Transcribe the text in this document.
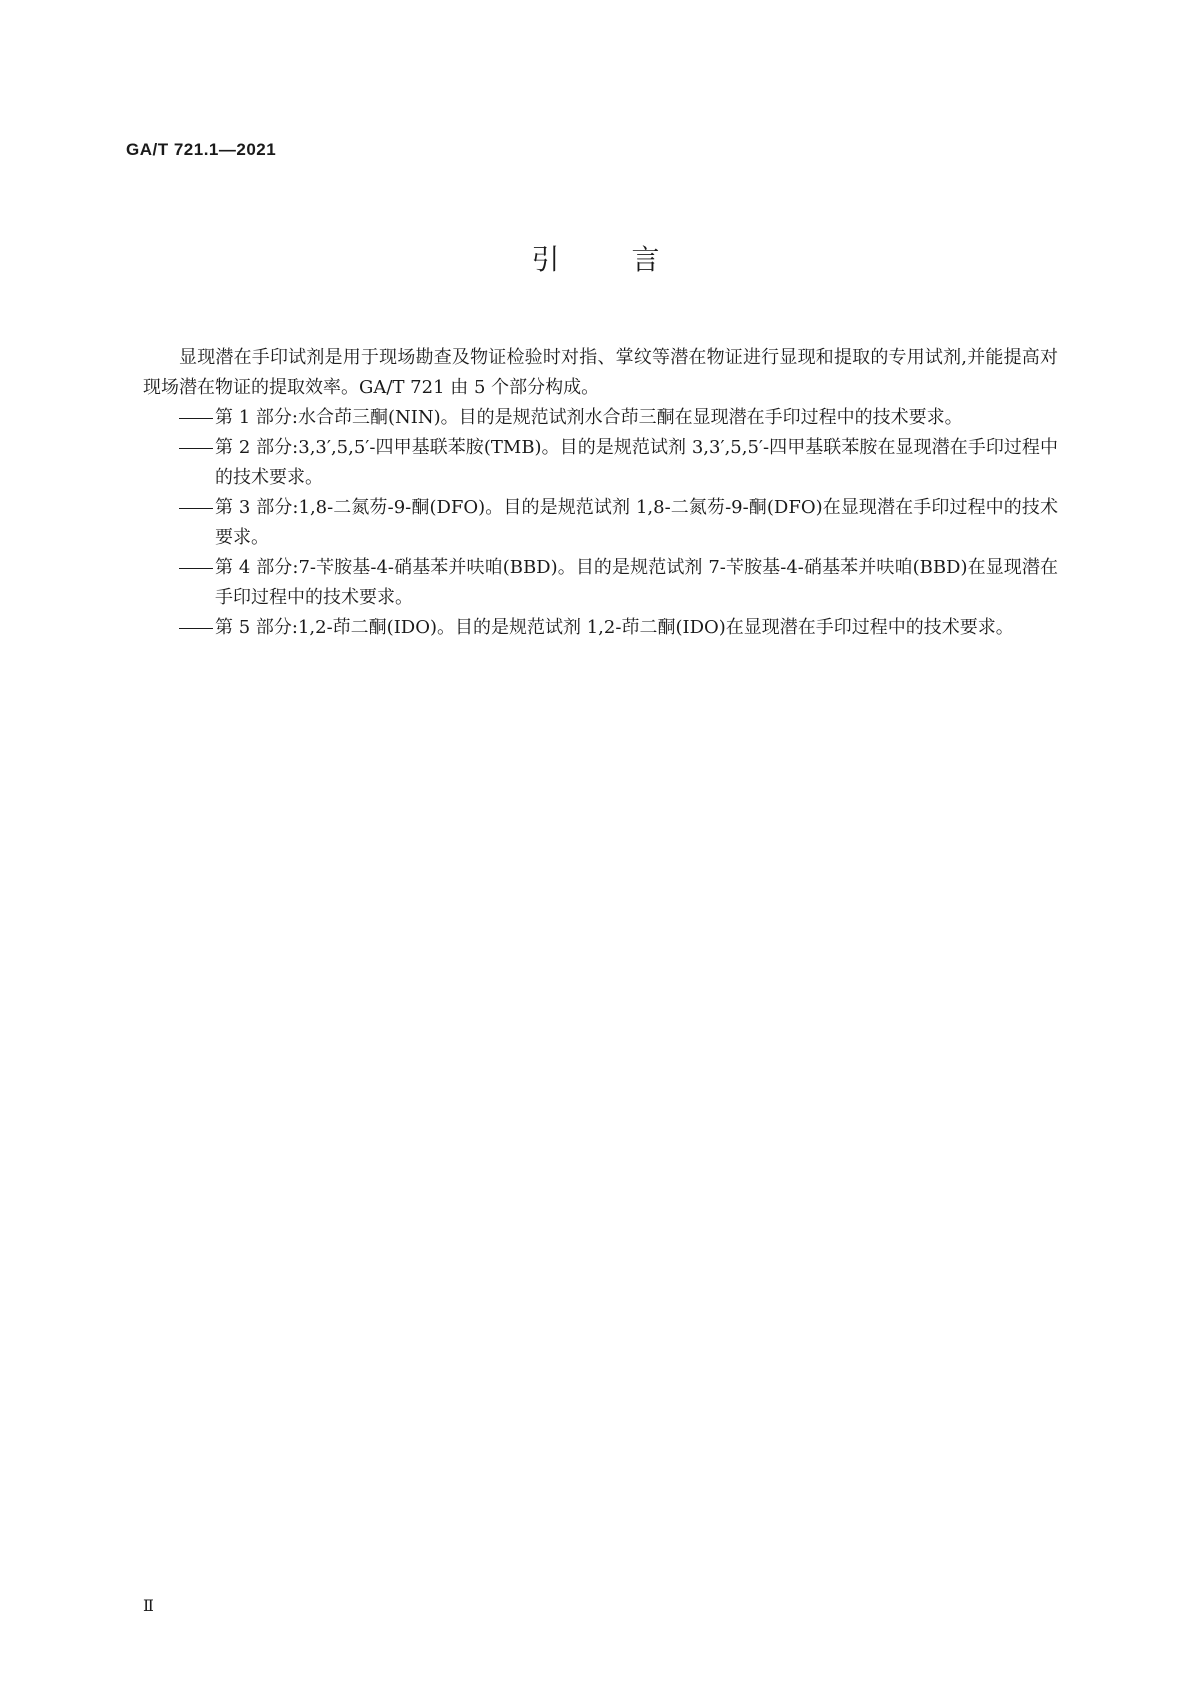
GA/T 721.1—2021
引	言

显现潜在手印试剂是用于现场勘查及物证检验时对指、掌纹等潜在物证进行显现和提取的专用试剂,并能提高对现场潜在物证的提取效率。GA/T 721 由 5 个部分构成。

第 1 部分:水合茚三酮(NIN)。目的是规范试剂水合茚三酮在显现潜在手印过程中的技术要求。
第 2 部分:3,3′,5,5′-四甲基联苯胺(TMB)。目的是规范试剂 3,3′,5,5′-四甲基联苯胺在显现潜在手印过程中的技术要求。
第 3 部分:1,8-二氮芴-9-酮(DFO)。目的是规范试剂 1,8-二氮芴-9-酮(DFO)在显现潜在手印过程中的技术要求。
第 4 部分:7-苄胺基-4-硝基苯并呋咱(BBD)。目的是规范试剂 7-苄胺基-4-硝基苯并呋咱(BBD)在显现潜在手印过程中的技术要求。
第 5 部分:1,2-茚二酮(IDO)。目的是规范试剂 1,2-茚二酮(IDO)在显现潜在手印过程中的技术要求。
Ⅱ
